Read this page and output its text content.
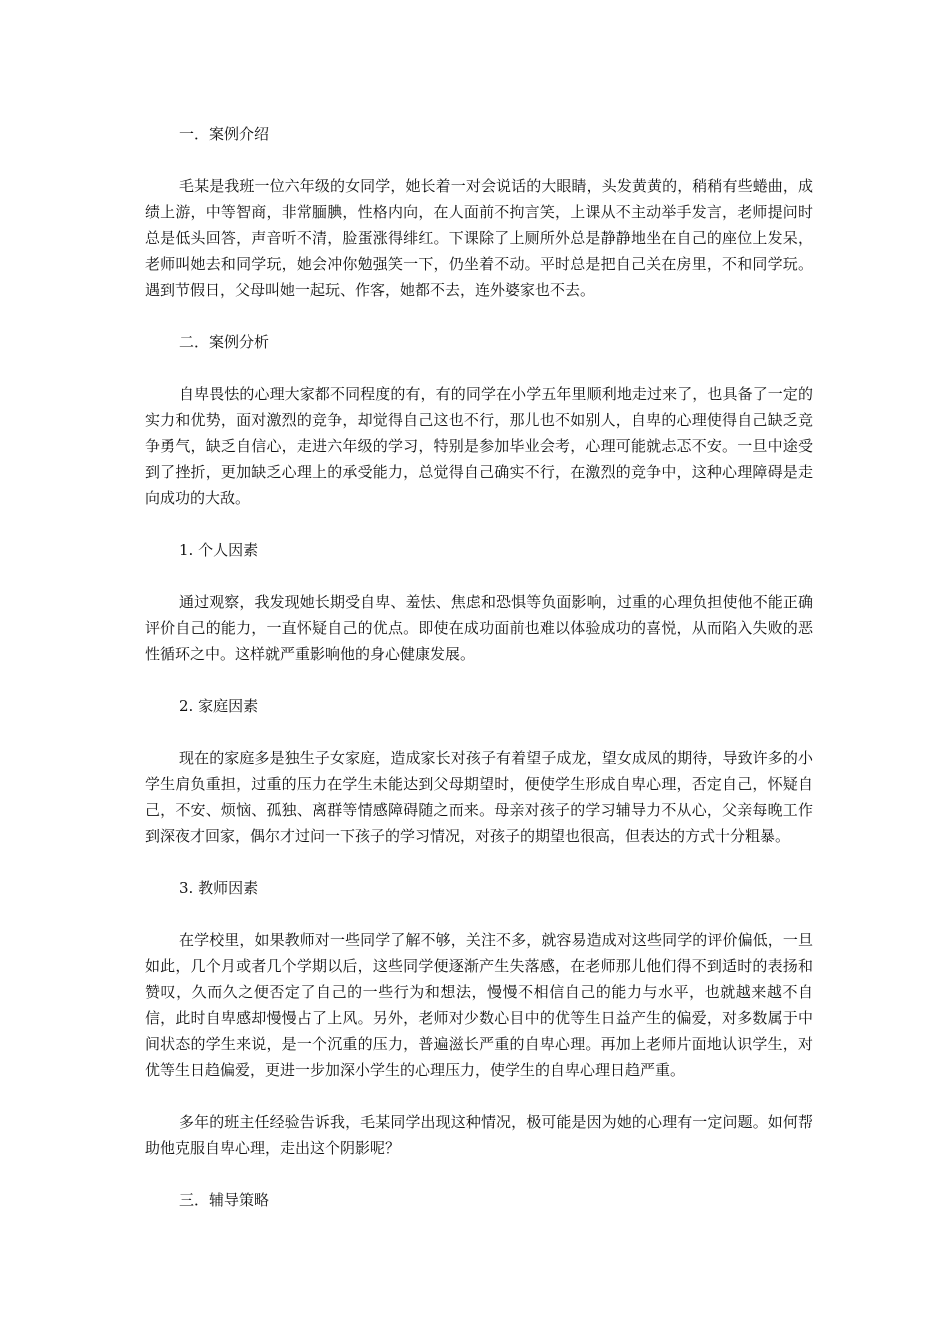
一．案例介绍

毛某是我班一位六年级的女同学，她长着一对会说话的大眼睛，头发黄黄的，稍稍有些蜷曲，成绩上游，中等智商，非常腼腆，性格内向，在人面前不拘言笑，上课从不主动举手发言，老师提问时总是低头回答，声音听不清，脸蛋涨得绯红。下课除了上厕所外总是静静地坐在自己的座位上发呆，老师叫她去和同学玩，她会冲你勉强笑一下，仍坐着不动。平时总是把自己关在房里，不和同学玩。遇到节假日，父母叫她一起玩、作客，她都不去，连外婆家也不去。

二．案例分析

自卑畏怯的心理大家都不同程度的有，有的同学在小学五年里顺利地走过来了，也具备了一定的实力和优势，面对激烈的竞争，却觉得自己这也不行，那儿也不如别人，自卑的心理使得自己缺乏竞争勇气，缺乏自信心，走进六年级的学习，特别是参加毕业会考，心理可能就忐忑不安。一旦中途受到了挫折，更加缺乏心理上的承受能力，总觉得自己确实不行，在激烈的竞争中，这种心理障碍是走向成功的大敌。

1. 个人因素

通过观察，我发现她长期受自卑、羞怯、焦虑和恐惧等负面影响，过重的心理负担使他不能正确评价自己的能力，一直怀疑自己的优点。即使在成功面前也难以体验成功的喜悦，从而陷入失败的恶性循环之中。这样就严重影响他的身心健康发展。

2. 家庭因素

现在的家庭多是独生子女家庭，造成家长对孩子有着望子成龙，望女成凤的期待，导致许多的小学生肩负重担，过重的压力在学生未能达到父母期望时，便使学生形成自卑心理，否定自己，怀疑自己，不安、烦恼、孤独、离群等情感障碍随之而来。母亲对孩子的学习辅导力不从心，父亲每晚工作到深夜才回家，偶尔才过问一下孩子的学习情况，对孩子的期望也很高，但表达的方式十分粗暴。

3. 教师因素

在学校里，如果教师对一些同学了解不够，关注不多，就容易造成对这些同学的评价偏低，一旦如此，几个月或者几个学期以后，这些同学便逐渐产生失落感，在老师那儿他们得不到适时的表扬和赞叹，久而久之便否定了自己的一些行为和想法，慢慢不相信自己的能力与水平，也就越来越不自信，此时自卑感却慢慢占了上风。另外，老师对少数心目中的优等生日益产生的偏爱，对多数属于中间状态的学生来说，是一个沉重的压力，普遍滋长严重的自卑心理。再加上老师片面地认识学生，对优等生日趋偏爱，更进一步加深小学生的心理压力，使学生的自卑心理日趋严重。

多年的班主任经验告诉我，毛某同学出现这种情况，极可能是因为她的心理有一定问题。如何帮助他克服自卑心理，走出这个阴影呢？

三．辅导策略
